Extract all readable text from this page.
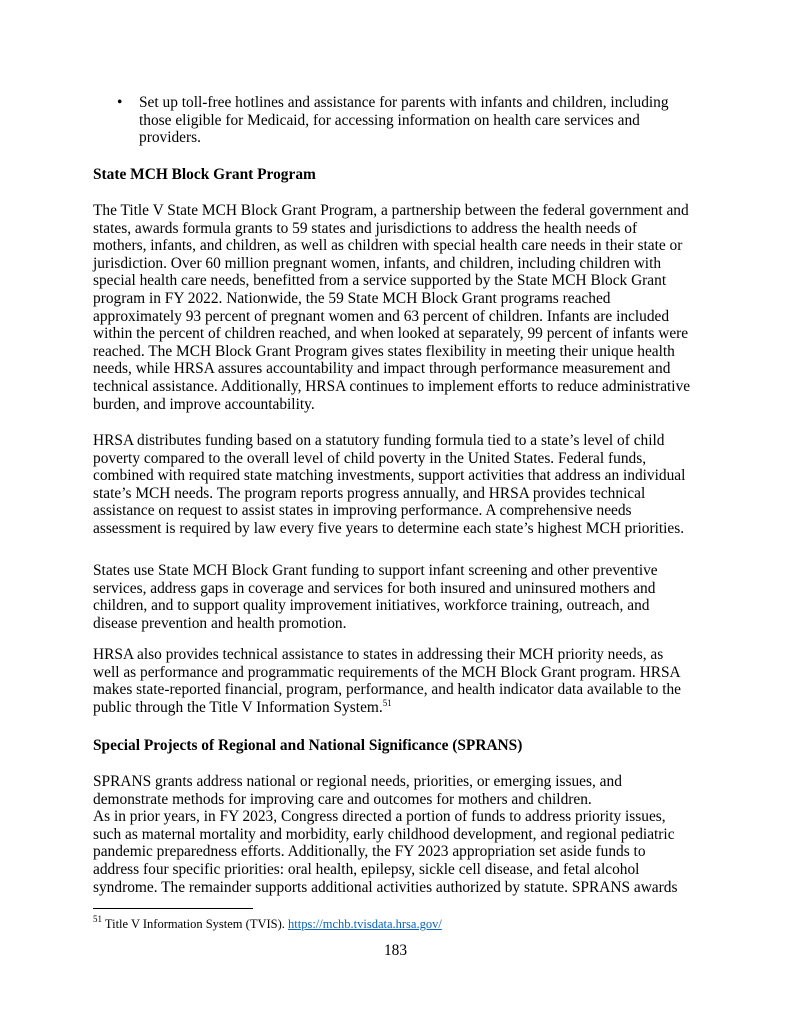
•	Set up toll-free hotlines and assistance for parents with infants and children, including
those eligible for Medicaid, for accessing information on health care services and
providers.
State MCH Block Grant Program
The Title V State MCH Block Grant Program, a partnership between the federal government and
states, awards formula grants to 59 states and jurisdictions to address the health needs of
mothers, infants, and children, as well as children with special health care needs in their state or
jurisdiction. Over 60 million pregnant women, infants, and children, including children with
special health care needs, benefitted from a service supported by the State MCH Block Grant
program in FY 2022. Nationwide, the 59 State MCH Block Grant programs reached
approximately 93 percent of pregnant women and 63 percent of children. Infants are included
within the percent of children reached, and when looked at separately, 99 percent of infants were
reached. The MCH Block Grant Program gives states flexibility in meeting their unique health
needs, while HRSA assures accountability and impact through performance measurement and
technical assistance. Additionally, HRSA continues to implement efforts to reduce administrative
burden, and improve accountability.
HRSA distributes funding based on a statutory funding formula tied to a state’s level of child
poverty compared to the overall level of child poverty in the United States. Federal funds,
combined with required state matching investments, support activities that address an individual
state’s MCH needs. The program reports progress annually, and HRSA provides technical
assistance on request to assist states in improving performance. A comprehensive needs
assessment is required by law every five years to determine each state’s highest MCH priorities.
States use State MCH Block Grant funding to support infant screening and other preventive
services, address gaps in coverage and services for both insured and uninsured mothers and
children, and to support quality improvement initiatives, workforce training, outreach, and
disease prevention and health promotion.
HRSA also provides technical assistance to states in addressing their MCH priority needs, as
well as performance and programmatic requirements of the MCH Block Grant program. HRSA
makes state-reported financial, program, performance, and health indicator data available to the
public through the Title V Information System.$^{51}$
Special Projects of Regional and National Significance (SPRANS)
SPRANS grants address national or regional needs, priorities, or emerging issues, and
demonstrate methods for improving care and outcomes for mothers and children.
As in prior years, in FY 2023, Congress directed a portion of funds to address priority issues,
such as maternal mortality and morbidity, early childhood development, and regional pediatric
pandemic preparedness efforts. Additionally, the FY 2023 appropriation set aside funds to
address four specific priorities: oral health, epilepsy, sickle cell disease, and fetal alcohol
syndrome. The remainder supports additional activities authorized by statute. SPRANS awards
$^{51}$ Title V Information System (TVIS). https://mchb.tvisdata.hrsa.gov/
183
